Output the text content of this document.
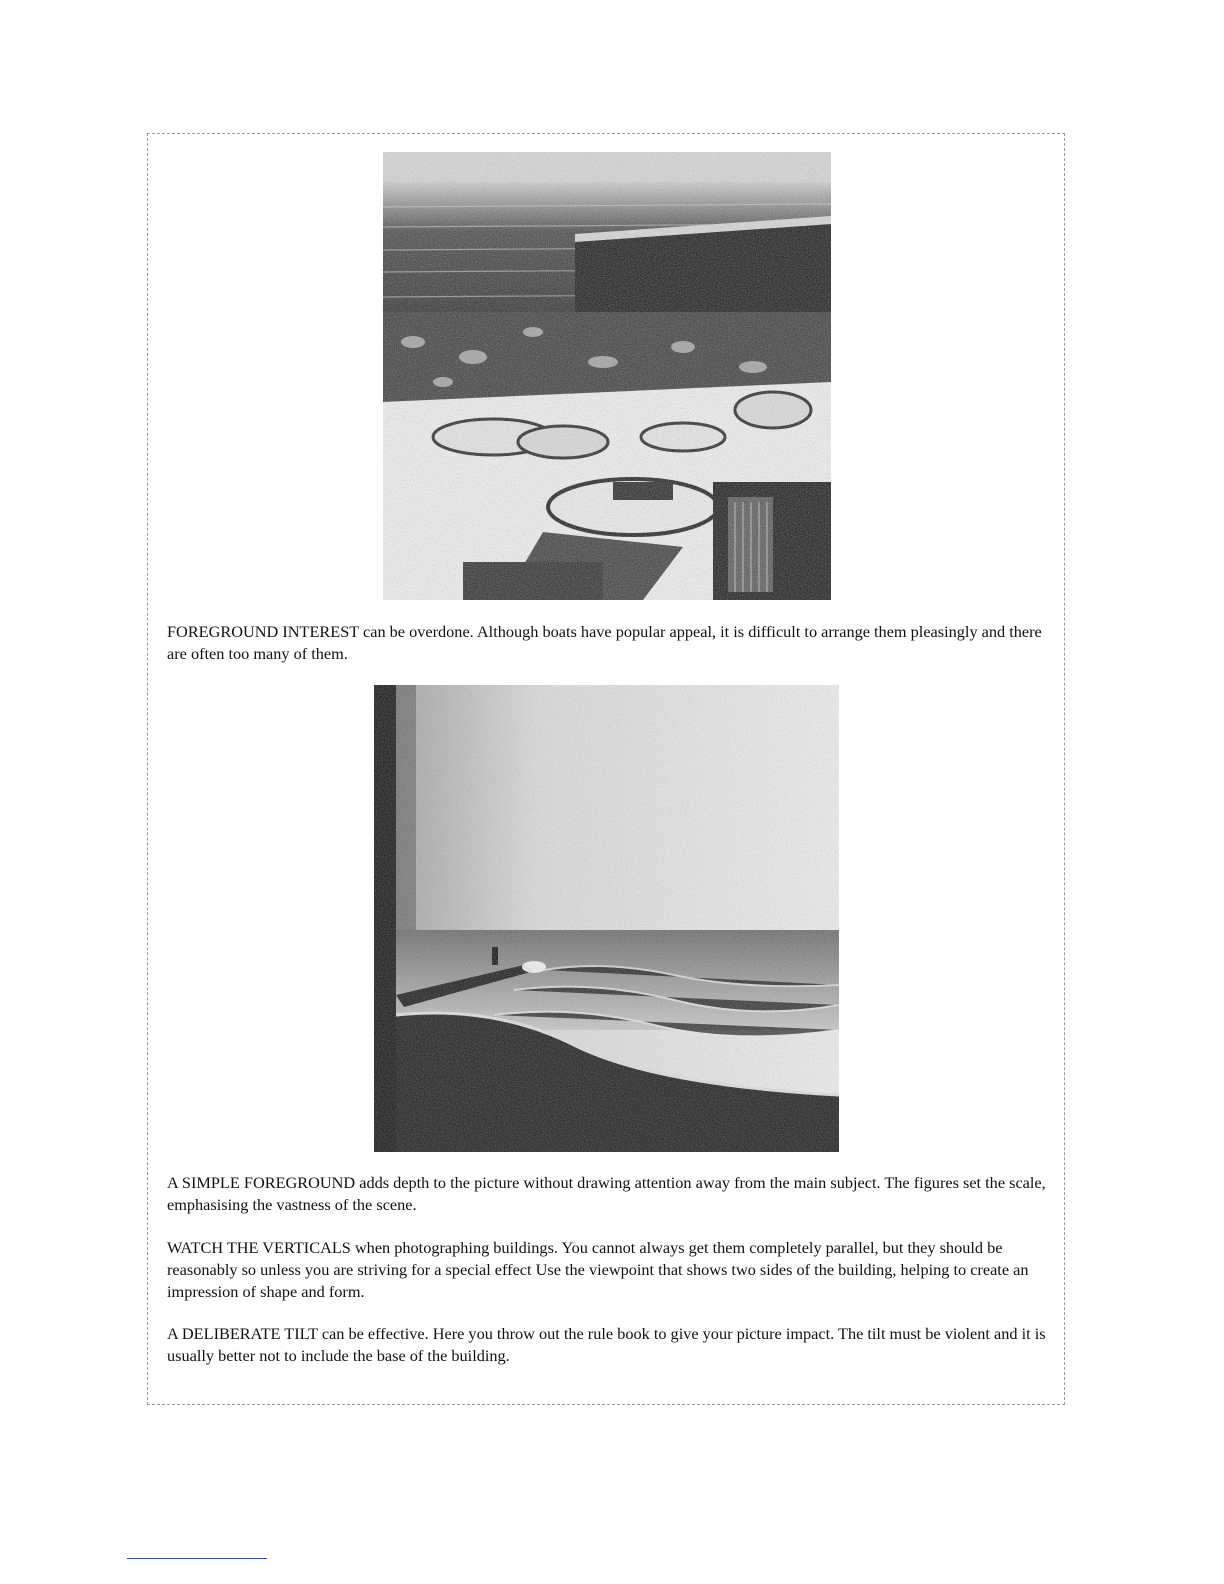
FOREGROUND INTEREST can be overdone. Although boats have popular appeal, it is difficult to arrange them pleasingly and there are often too many of them.

A SIMPLE FOREGROUND adds depth to the picture without drawing attention away from the main subject. The figures set the scale, emphasising the vastness of the scene.

WATCH THE VERTICALS when photographing buildings. You cannot always get them completely parallel, but they should be reasonably so unless you are striving for a special effect Use the viewpoint that shows two sides of the building, helping to create an impression of shape and form.

A DELIBERATE TILT can be effective. Here you throw out the rule book to give your picture impact. The tilt must be violent and it is usually better not to include the base of the building.
